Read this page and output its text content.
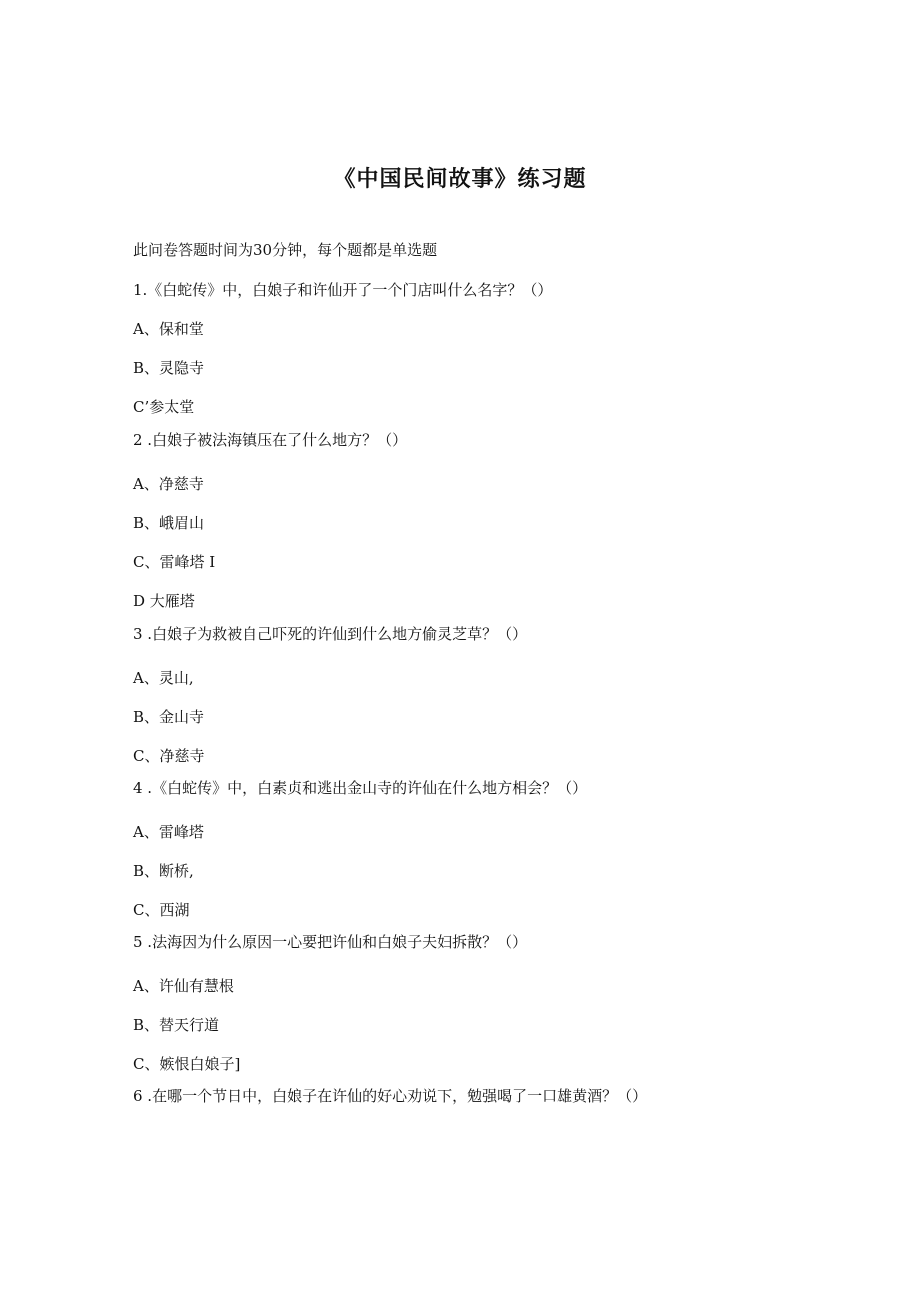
《中国民间故事》练习题
此问卷答题时间为30分钟，每个题都是单选题
1.《白蛇传》中，白娘子和许仙开了一个门店叫什么名字？（）
A、保和堂
B、灵隐寺
C’参太堂
2 .白娘子被法海镇压在了什么地方？（）
A、净慈寺
B、峨眉山
C、雷峰塔 I
D 大雁塔
3 .白娘子为救被自己吓死的许仙到什么地方偷灵芝草？（）
A、灵山,
B、金山寺
C、净慈寺
4 .《白蛇传》中，白素贞和逃出金山寺的许仙在什么地方相会？（）
A、雷峰塔
B、断桥,
C、西湖
5 .法海因为什么原因一心要把许仙和白娘子夫妇拆散？（）
A、许仙有慧根
B、替天行道
C、嫉恨白娘子]
6 .在哪一个节日中，白娘子在许仙的好心劝说下，勉强喝了一口雄黄酒？（）
